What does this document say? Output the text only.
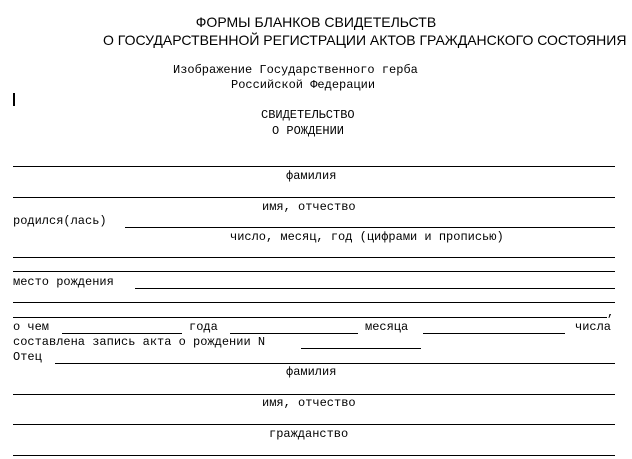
ФОРМЫ БЛАНКОВ СВИДЕТЕЛЬСТВ
О ГОСУДАРСТВЕННОЙ РЕГИСТРАЦИИ АКТОВ ГРАЖДАНСКОГО СОСТОЯНИЯ
Изображение Государственного герба
Российской Федерации
СВИДЕТЕЛЬСТВО
О РОЖДЕНИИ
фамилия
имя, отчество
родился(лась)
число, месяц, год (цифрами и прописью)
место рождения
,
о чем	года	месяца	числа
составлена запись акта о рождении N
Отец
фамилия
имя, отчество
гражданство
